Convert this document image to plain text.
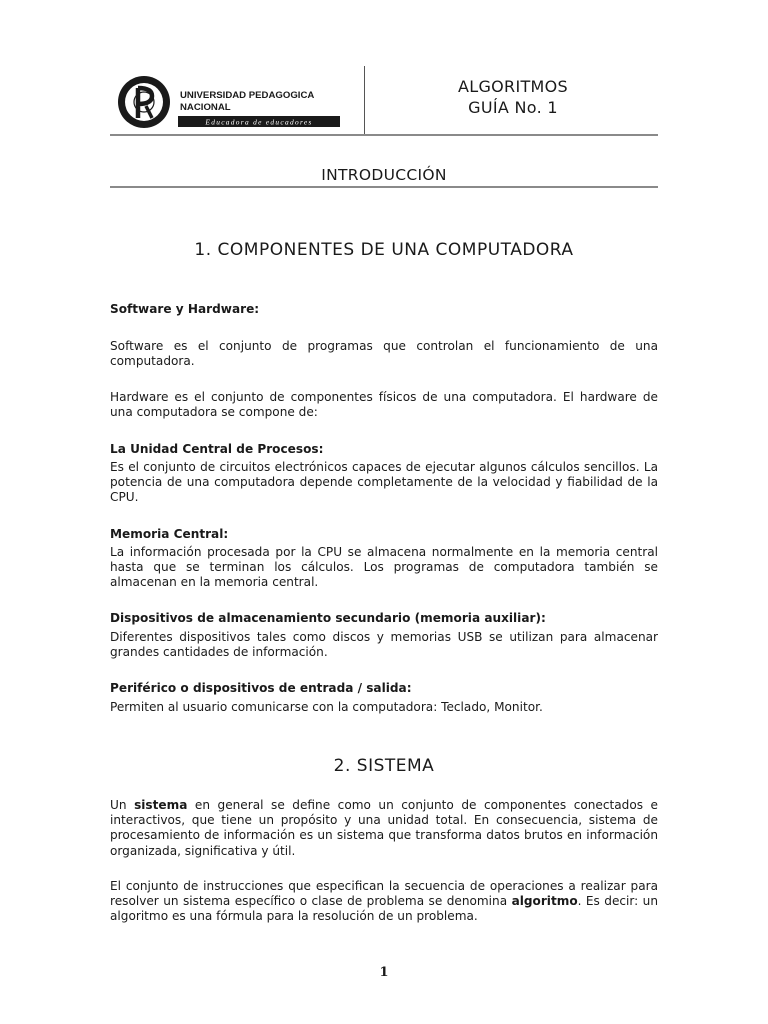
UNIVERSIDAD PEDAGOGICA
NACIONAL
Educadora de educadores
ALGORITMOS
GUÍA No. 1
INTRODUCCIÓN
1. COMPONENTES DE UNA COMPUTADORA
Software y Hardware:
Software es el conjunto de programas que controlan el funcionamiento de una computadora.
Hardware es el conjunto de componentes físicos de una computadora. El hardware de una computadora se compone de:
La Unidad Central de Procesos:
Es el conjunto de circuitos electrónicos capaces de ejecutar algunos cálculos sencillos. La potencia de una computadora depende completamente de la velocidad y fiabilidad de la CPU.
Memoria Central:
La información procesada por la CPU se almacena normalmente en la memoria central hasta que se terminan los cálculos. Los programas de computadora también se almacenan en la memoria central.
Dispositivos de almacenamiento secundario (memoria auxiliar):
Diferentes dispositivos tales como discos y memorias USB se utilizan para almacenar grandes cantidades de información.
Periférico o dispositivos de entrada / salida:
Permiten al usuario comunicarse con la computadora: Teclado, Monitor.
2. SISTEMA
Un sistema en general se define como un conjunto de componentes conectados e interactivos, que tiene un propósito y una unidad total. En consecuencia, sistema de procesamiento de información es un sistema que transforma datos brutos en información organizada, significativa y útil.
El conjunto de instrucciones que especifican la secuencia de operaciones a realizar para resolver un sistema específico o clase de problema se denomina algoritmo. Es decir: un algoritmo es una fórmula para la resolución de un problema.
1
